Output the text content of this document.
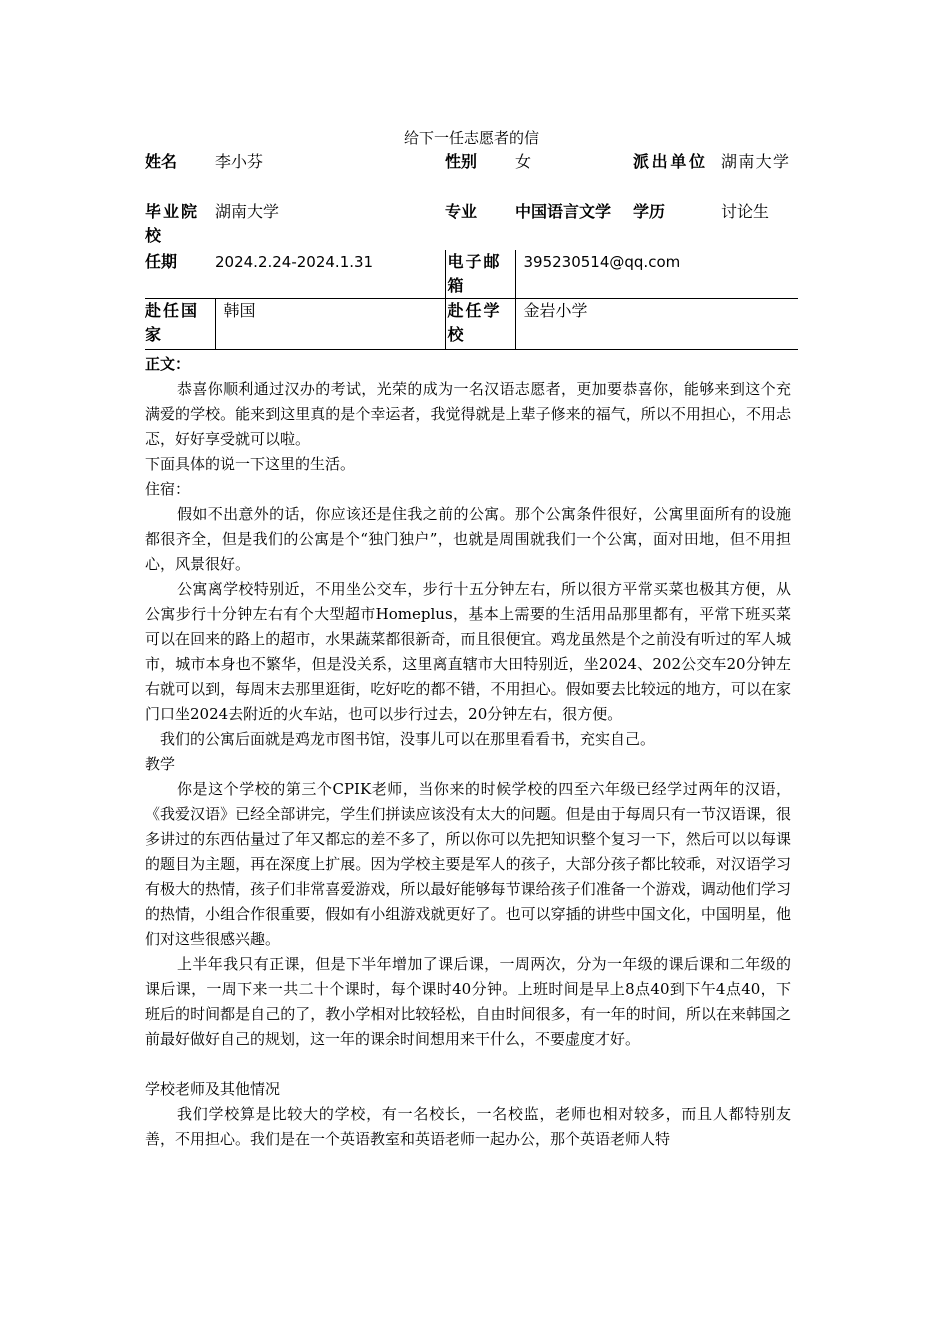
给下一任志愿者的信
姓名	李小芬	性别	女	派出单位	湖南大学

毕业院校	湖南大学	专业	中国语言文学	学历	讨论生
任期	2024.2.24-2024.1.31	电子邮箱	395230514@qq.com		

赴任国家	韩国	赴任学校	金岩小学		

正文：

恭喜你顺利通过汉办的考试，光荣的成为一名汉语志愿者，更加要恭喜你，能够来到这个充满爱的学校。能来到这里真的是个幸运者，我觉得就是上辈子修来的福气，所以不用担心，不用忐忑，好好享受就可以啦。

下面具体的说一下这里的生活。

住宿：

假如不出意外的话，你应该还是住我之前的公寓。那个公寓条件很好，公寓里面所有的设施都很齐全，但是我们的公寓是个“独门独户”，也就是周围就我们一个公寓，面对田地，但不用担心，风景很好。

公寓离学校特别近，不用坐公交车，步行十五分钟左右，所以很方平常买菜也极其方便，从公寓步行十分钟左右有个大型超市Homeplus，基本上需要的生活用品那里都有，平常下班买菜可以在回来的路上的超市，水果蔬菜都很新奇，而且很便宜。鸡龙虽然是个之前没有听过的军人城市，城市本身也不繁华，但是没关系，这里离直辖市大田特别近，坐2024、202公交车20分钟左右就可以到，每周末去那里逛街，吃好吃的都不错，不用担心。假如要去比较远的地方，可以在家门口坐2024去附近的火车站，也可以步行过去，20分钟左右，很方便。

我们的公寓后面就是鸡龙市图书馆，没事儿可以在那里看看书，充实自己。

教学

你是这个学校的第三个CPIK老师，当你来的时候学校的四至六年级已经学过两年的汉语，《我爱汉语》已经全部讲完，学生们拼读应该没有太大的问题。但是由于每周只有一节汉语课，很多讲过的东西估量过了年又都忘的差不多了，所以你可以先把知识整个复习一下，然后可以以每课的题目为主题，再在深度上扩展。因为学校主要是军人的孩子，大部分孩子都比较乖，对汉语学习有极大的热情，孩子们非常喜爱游戏，所以最好能够每节课给孩子们准备一个游戏，调动他们学习的热情，小组合作很重要，假如有小组游戏就更好了。也可以穿插的讲些中国文化，中国明星，他们对这些很感兴趣。

上半年我只有正课，但是下半年增加了课后课，一周两次，分为一年级的课后课和二年级的课后课，一周下来一共二十个课时，每个课时40分钟。上班时间是早上8点40到下午4点40，下班后的时间都是自己的了，教小学相对比较轻松，自由时间很多，有一年的时间，所以在来韩国之前最好做好自己的规划，这一年的课余时间想用来干什么，不要虚度才好。

学校老师及其他情况

我们学校算是比较大的学校，有一名校长，一名校监，老师也相对较多，而且人都特别友善，不用担心。我们是在一个英语教室和英语老师一起办公，那个英语老师人特
